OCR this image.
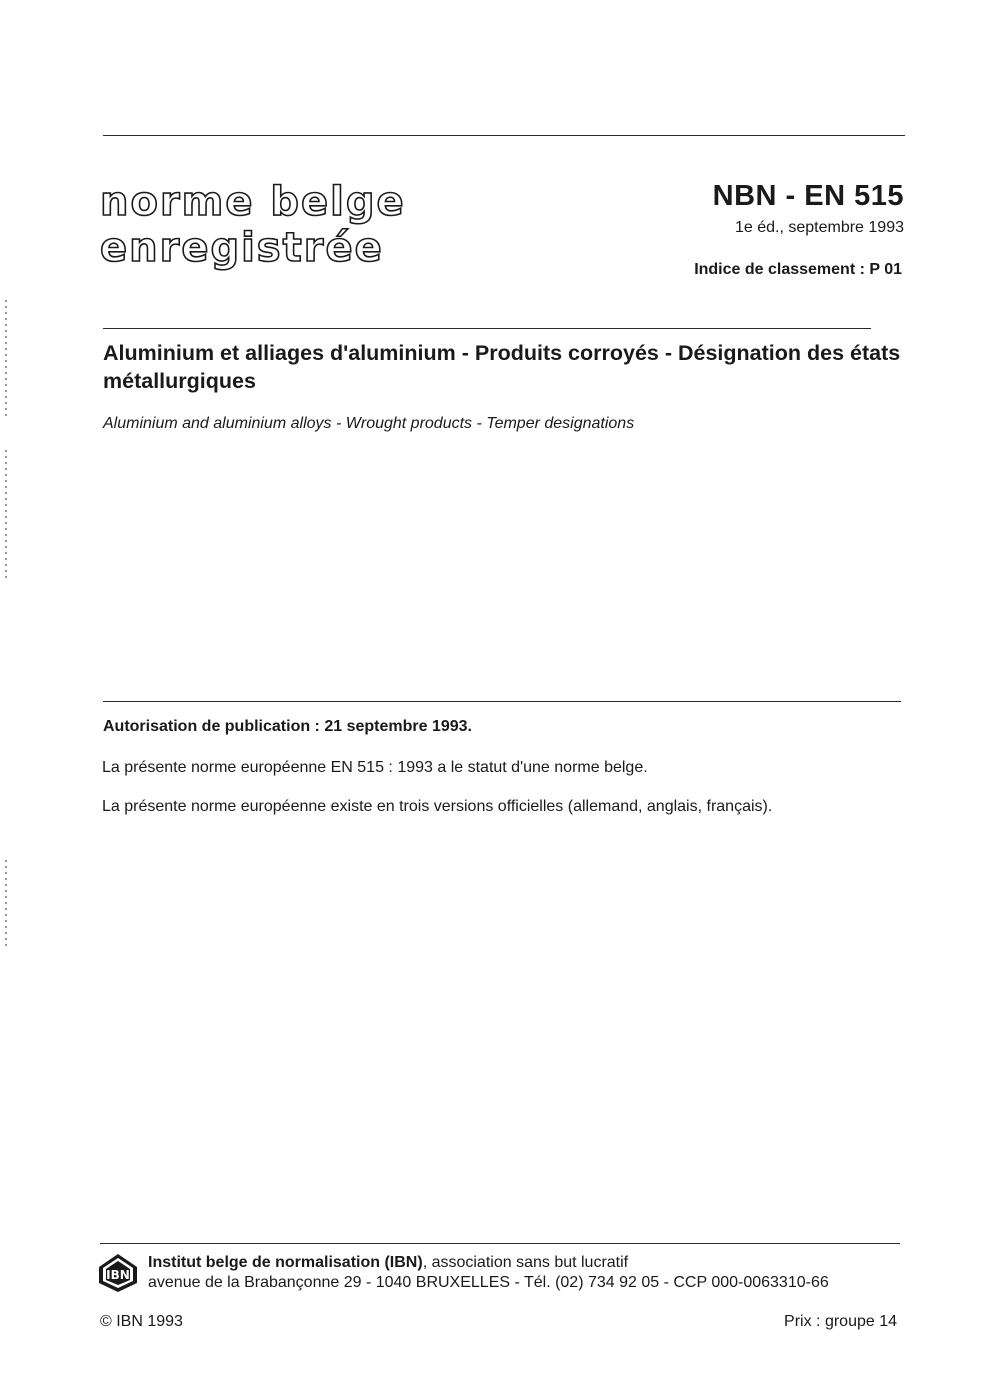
norme belge
enregistrée
NBN - EN 515
1e éd., septembre 1993
Indice de classement : P 01
Aluminium et alliages d'aluminium - Produits corroyés - Désignation des états métallurgiques
Aluminium and aluminium alloys - Wrought products - Temper designations
Autorisation de publication : 21 septembre 1993.
La présente norme européenne EN 515 : 1993 a le statut d'une norme belge.
La présente norme européenne existe en trois versions officielles (allemand, anglais, français).
IBN
Institut belge de normalisation (IBN), association sans but lucratif
avenue de la Brabançonne 29 - 1040 BRUXELLES - Tél. (02) 734 92 05 - CCP 000-0063310-66
© IBN 1993	Prix : groupe 14
